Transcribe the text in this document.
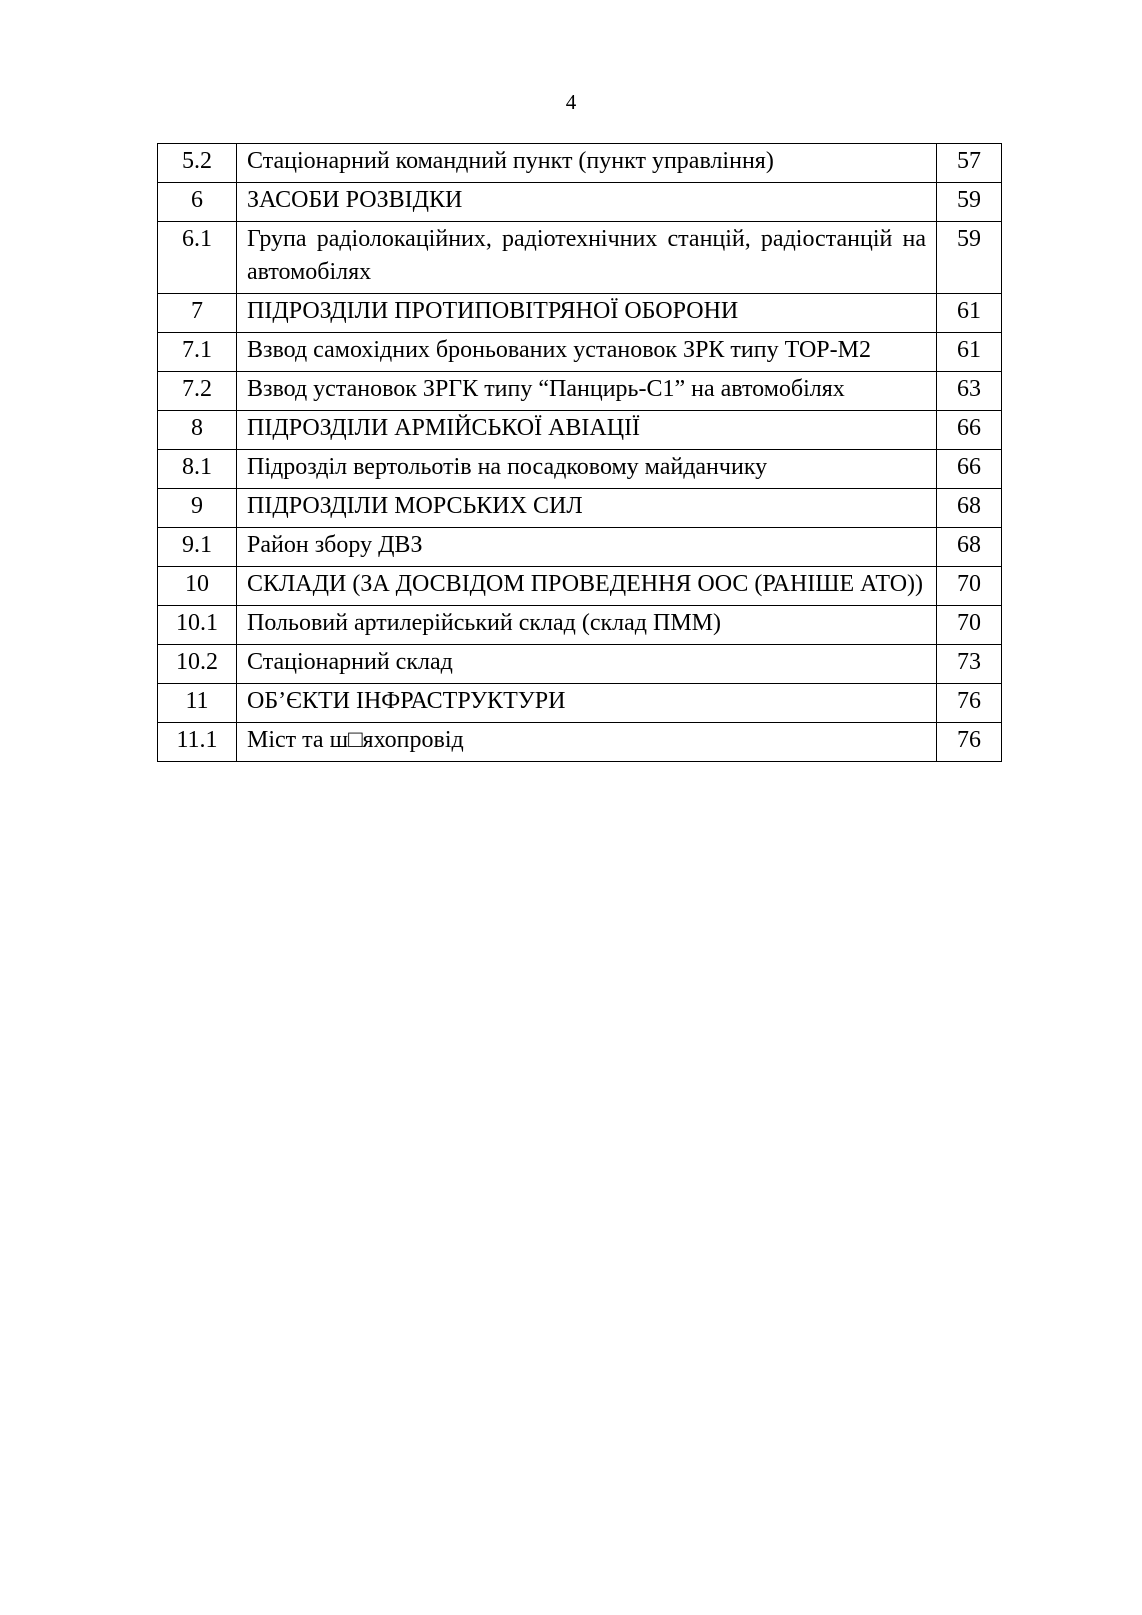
4
5.2	Стаціонарний командний пункт (пункт управління)	57
6	ЗАСОБИ РОЗВІДКИ	59
6.1	Група радіолокаційних, радіотехнічних станцій, радіостанцій на автомобілях	59
7	ПІДРОЗДІЛИ ПРОТИПОВІТРЯНОЇ ОБОРОНИ	61
7.1	Взвод самохідних броньованих установок ЗРК типу ТОР-М2	61
7.2	Взвод установок ЗРГК типу “Панцирь-С1” на автомобілях	63
8	ПІДРОЗДІЛИ АРМІЙСЬКОЇ АВІАЦІЇ	66
8.1	Підрозділ вертольотів на посадковому майданчику	66
9	ПІДРОЗДІЛИ МОРСЬКИХ СИЛ	68
9.1	Район збору ДВЗ	68
10	СКЛАДИ (ЗА ДОСВІДОМ ПРОВЕДЕННЯ ООС (РАНІШЕ АТО))	70
10.1	Польовий артилерійський склад (склад ПММ)	70
10.2	Стаціонарний склад	73
11	ОБ’ЄКТИ ІНФРАСТРУКТУРИ	76
11.1	Міст та ш□яхопровід	76
